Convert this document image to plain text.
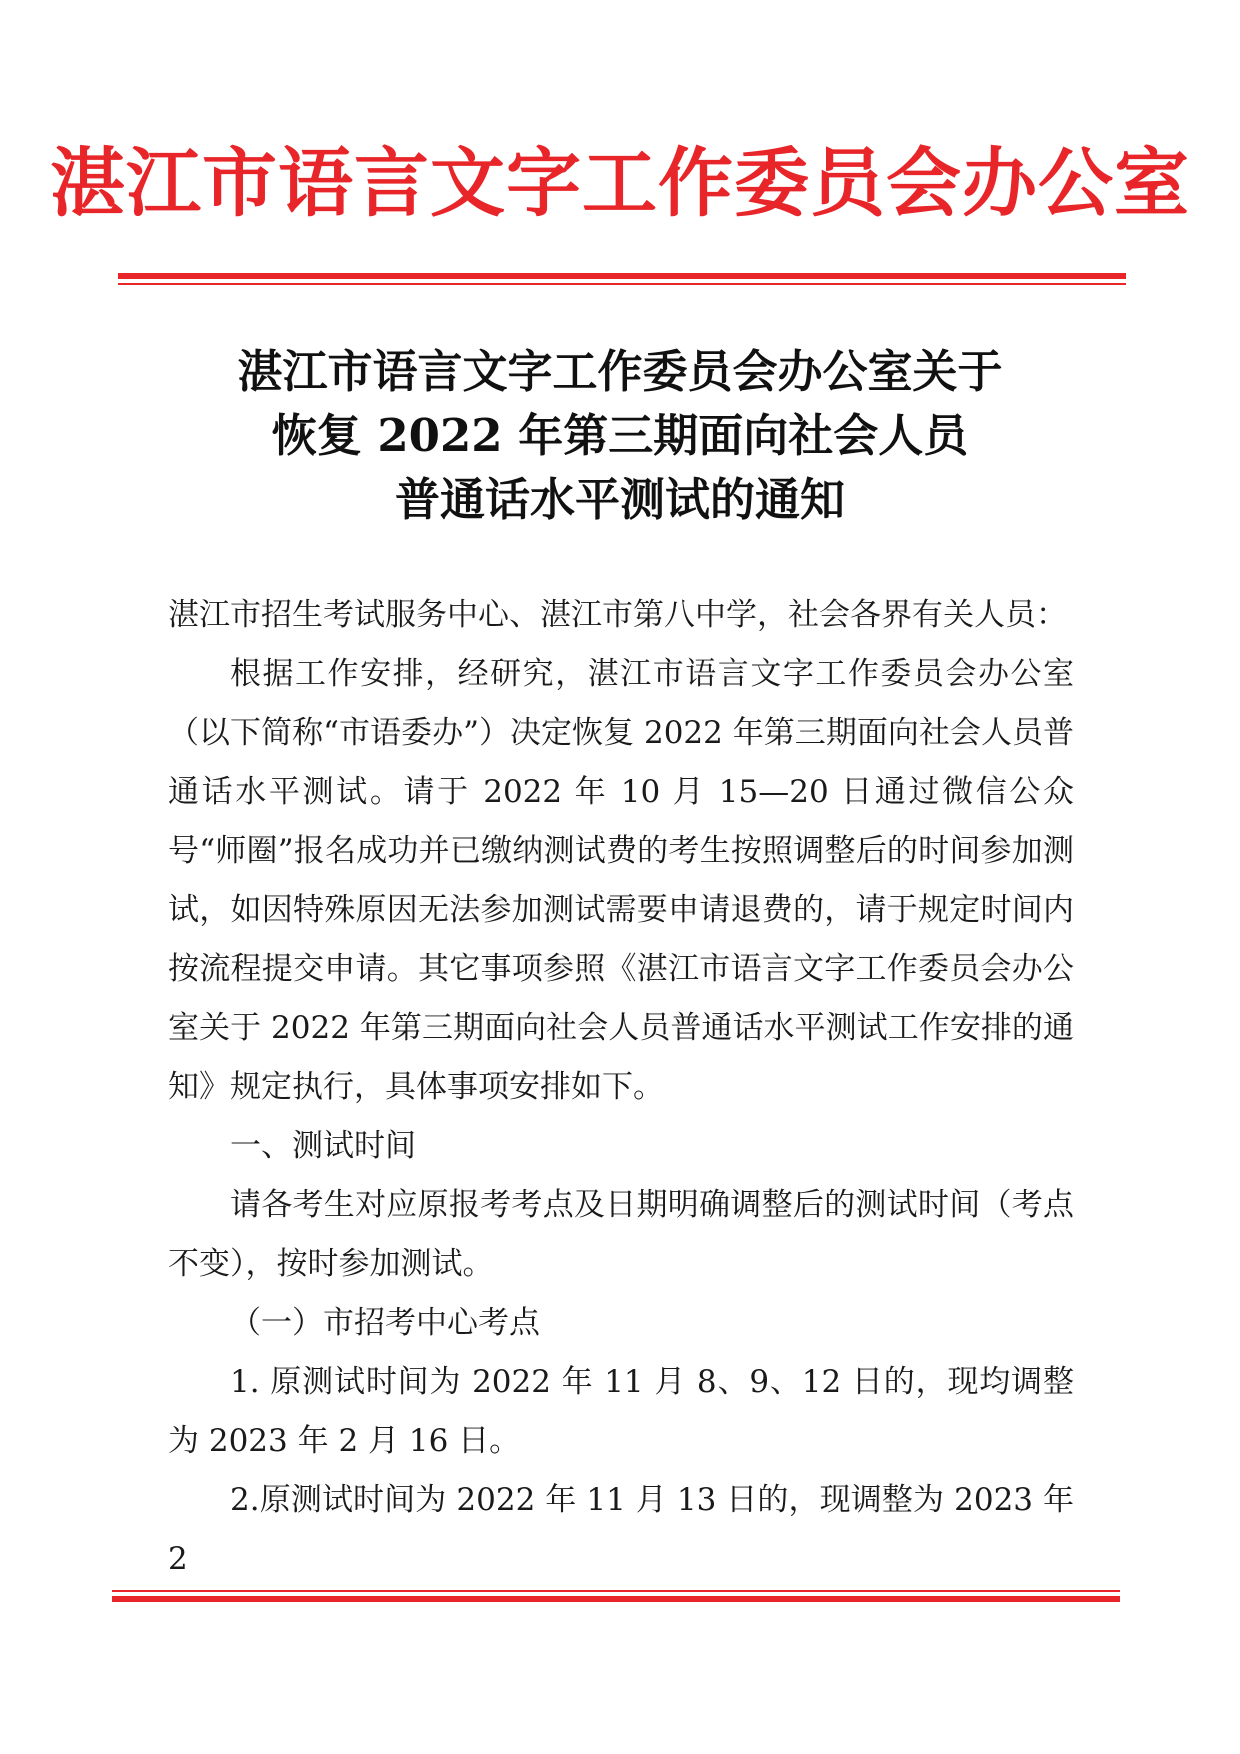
湛江市语言文字工作委员会办公室
湛江市语言文字工作委员会办公室关于
恢复 2022 年第三期面向社会人员
普通话水平测试的通知

湛江市招生考试服务中心、湛江市第八中学，社会各界有关人员：

根据工作安排，经研究，湛江市语言文字工作委员会办公室（以下简称“市语委办”）决定恢复 2022 年第三期面向社会人员普通话水平测试。请于 2022 年 10 月 15—20 日通过微信公众号“师圈”报名成功并已缴纳测试费的考生按照调整后的时间参加测试，如因特殊原因无法参加测试需要申请退费的，请于规定时间内按流程提交申请。其它事项参照《湛江市语言文字工作委员会办公室关于 2022 年第三期面向社会人员普通话水平测试工作安排的通知》规定执行，具体事项安排如下。

一、测试时间

请各考生对应原报考考点及日期明确调整后的测试时间（考点不变），按时参加测试。

（一）市招考中心考点

1. 原测试时间为 2022 年 11 月 8、9、12 日的，现均调整为 2023 年 2 月 16 日。

2.原测试时间为 2022 年 11 月 13 日的，现调整为 2023 年 2
